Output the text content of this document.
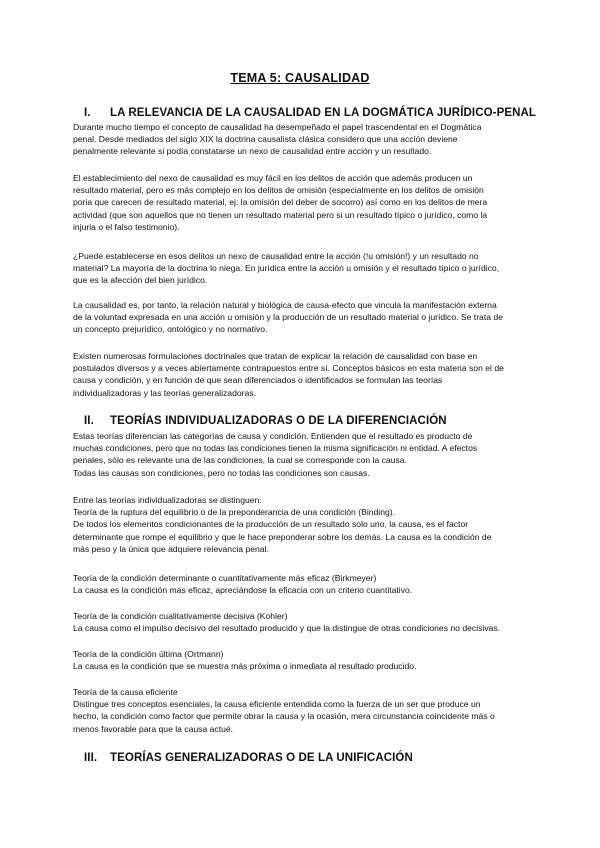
TEMA 5: CAUSALIDAD
I. LA RELEVANCIA DE LA CAUSALIDAD EN LA DOGMÁTICA JURÍDICO-PENAL
Durante mucho tiempo el concepto de causalidad ha desempeñado el papel trascendental en el Dogmática
penal. Desde mediados del siglo XIX la doctrina causalista clásica considero que una acción deviene
penalmente relevante si podía constatarse un nexo de causalidad entre acción y un resultado.
El establecimiento del nexo de causalidad es muy fácil en los delitos de acción que además producen un
resultado material, pero es más complejo en los delitos de omisión (especialmente en los delitos de omisión
poria que carecen de resultado material, ej: la omisión del deber de socorro) así como en los delitos de mera
actividad (que son aquellos que no tienen un resultado material pero si un resultado típico o jurídico, como la
injuria o el falso testimonio).
¿Puede establecerse en esos delitos un nexo de causalidad entre la acción (!u omisión!) y un resultado no
material? La mayoría de la doctrina lo niega. En jurídica entre la acción u omisión y el resultado típico o jurídico,
que es la afección del bien jurídico.
La causalidad es, por tanto, la relación natural y biológica de causa-efecto que vincula la manifestación externa
de la voluntad expresada en una acción u omisión y la producción de un resultado material o jurídico. Se trata de
un concepto prejurídico, ontológico y no normativo.
Existen numerosas formulaciones doctrinales que tratan de explicar la relación de causalidad con base en
postulados diversos y a veces abiertamente contrapuestos entre sí. Conceptos básicos en esta materia son el de
causa y condición, y en función de que sean diferenciados o identificados se formulan las teorías
individualizadoras y las teorías generalizadoras.
II. TEORÍAS INDIVIDUALIZADORAS O DE LA DIFERENCIACIÓN
Estas teorías diferencian las categorías de causa y condición. Entienden que el resultado es producto de
muchas condiciones, pero que no todas las condiciones tienen la misma significación ni entidad. A efectos
penales, sólo es relevante una de las condiciones, la cual se corresponde con la causa.
Todas las causas son condiciones, pero no todas las condiciones son causas.
Entre las teorías individualizadoras se distinguen:
Teoría de la ruptura del equilibrio o de la preponderancia de una condición (Binding).
De todos los elementos condicionantes de la producción de un resultado solo uno, la causa, es el factor
determinante que rompe el equilibrio y que le hace preponderar sobre los demás. La causa es la condición de
más peso y la única que adquiere relevancia penal.
Teoría de la condición determinante o cuantitativamente más eficaz (Birkmeyer)
La causa es la condición más eficaz, apreciándose la eficacia con un criterio cuantitativo.
Teoría de la condición cualitativamente decisiva (Kohler)
La causa como el impulso decisivo del resultado producido y que la distingue de otras condiciones no decisivas.
Teoría de la condición última (Ortmann)
La causa es la condición que se muestra más próxima o inmediata al resultado producido.
Teoría de la causa eficiente
Distingue tres conceptos esenciales, la causa eficiente entendida como la fuerza de un ser que produce un
hecho, la condición como factor que permite obrar la causa y la ocasión, mera circunstancia coincidente más o
menos favorable para que la causa actué.
III. TEORÍAS GENERALIZADORAS O DE LA UNIFICACIÓN
